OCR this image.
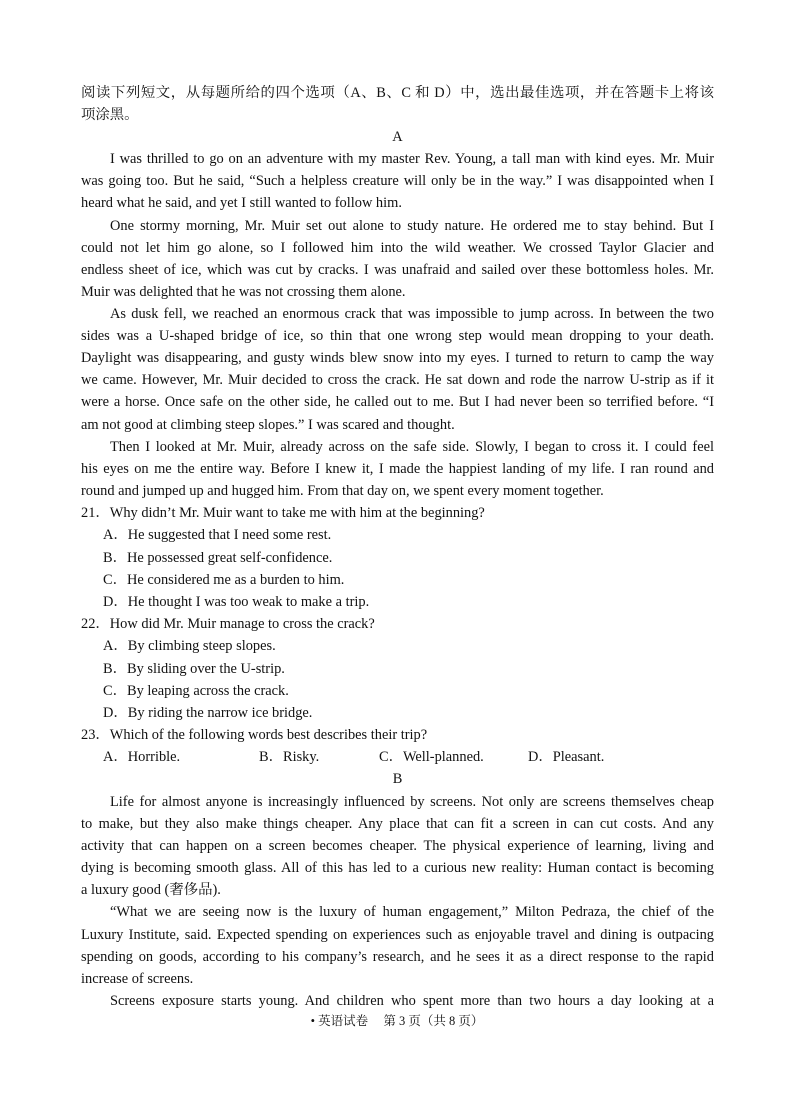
阅读下列短文，从每题所给的四个选项（A、B、C 和 D）中，选出最佳选项，并在答题卡上将该
项涂黑。
A
I was thrilled to go on an adventure with my master Rev. Young, a tall man with kind eyes. Mr. Muir
was going too. But he said, “Such a helpless creature will only be in the way.” I was disappointed when I
heard what he said, and yet I still wanted to follow him.
One stormy morning, Mr. Muir set out alone to study nature. He ordered me to stay behind. But I
could not let him go alone, so I followed him into the wild weather. We crossed Taylor Glacier and
endless sheet of ice, which was cut by cracks. I was unafraid and sailed over these bottomless holes. Mr.
Muir was delighted that he was not crossing them alone.
As dusk fell, we reached an enormous crack that was impossible to jump across. In between the two
sides was a U-shaped bridge of ice, so thin that one wrong step would mean dropping to your death.
Daylight was disappearing, and gusty winds blew snow into my eyes. I turned to return to camp the way
we came. However, Mr. Muir decided to cross the crack. He sat down and rode the narrow U-strip as if it
were a horse. Once safe on the other side, he called out to me. But I had never been so terrified before. “I
am not good at climbing steep slopes.” I was scared and thought.
Then I looked at Mr. Muir, already across on the safe side. Slowly, I began to cross it. I could feel
his eyes on me the entire way. Before I knew it, I made the happiest landing of my life. I ran round and
round and jumped up and hugged him. From that day on, we spent every moment together.
21．Why didn’t Mr. Muir want to take me with him at the beginning?
A．He suggested that I need some rest.
B．He possessed great self-confidence.
C．He considered me as a burden to him.
D．He thought I was too weak to make a trip.
22．How did Mr. Muir manage to cross the crack?
A．By climbing steep slopes.
B．By sliding over the U-strip.
C．By leaping across the crack.
D．By riding the narrow ice bridge.
23．Which of the following words best describes their trip?
A．Horrible.	B．Risky.	C．Well-planned.	D．Pleasant.
B
Life for almost anyone is increasingly influenced by screens. Not only are screens themselves cheap
to make, but they also make things cheaper. Any place that can fit a screen in can cut costs. And any
activity that can happen on a screen becomes cheaper. The physical experience of learning, living and
dying is becoming smooth glass. All of this has led to a curious new reality: Human contact is becoming
a luxury good (奢侈品).
“What we are seeing now is the luxury of human engagement,” Milton Pedraza, the chief of the
Luxury Institute, said. Expected spending on experiences such as enjoyable travel and dining is outpacing
spending on goods, according to his company’s research, and he sees it as a direct response to the rapid
increase of screens.
Screens exposure starts young. And children who spent more than two hours a day looking at a
• 英语试卷 第 3 页（共 8 页）
